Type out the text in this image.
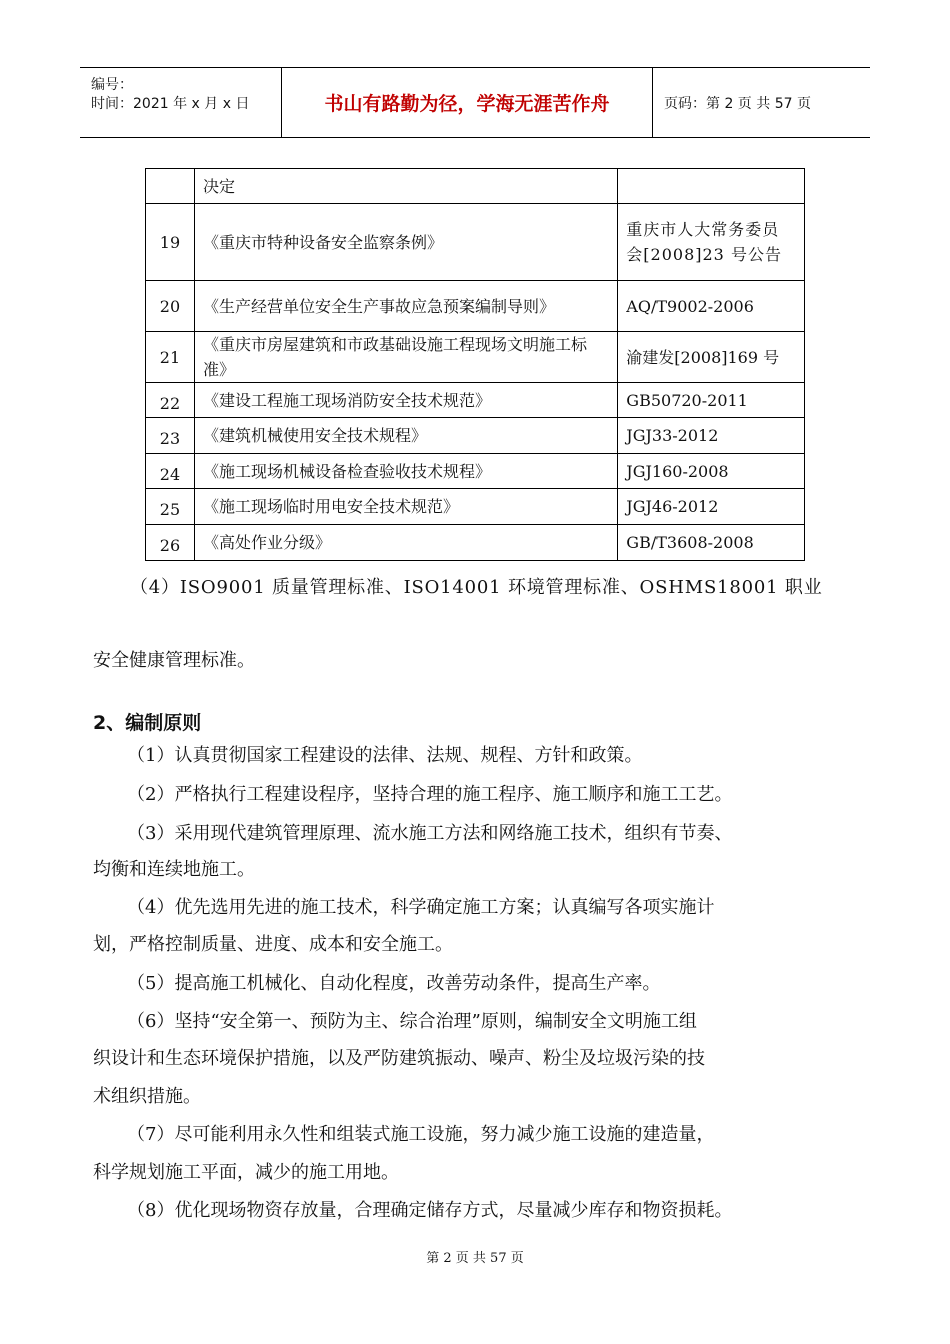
编号：
时间：2021 年 x 月 x 日	书山有路勤为径，学海无涯苦作舟	页码：第 2 页 共 57 页
	决定	
19	《重庆市特种设备安全监察条例》	重庆市人大常务委员会[2008]23 号公告
20	《生产经营单位安全生产事故应急预案编制导则》	AQ/T9002-2006
21	《重庆市房屋建筑和市政基础设施工程现场文明施工标准》	渝建发[2008]169 号
22	《建设工程施工现场消防安全技术规范》	GB50720-2011
23	《建筑机械使用安全技术规程》	JGJ33-2012
24	《施工现场机械设备检查验收技术规程》	JGJ160-2008
25	《施工现场临时用电安全技术规范》	JGJ46-2012
26	《高处作业分级》	GB/T3608-2008
（4）ISO9001 质量管理标准、ISO14001 环境管理标准、OSHMS18001 职业
安全健康管理标准。
2、编制原则
（1）认真贯彻国家工程建设的法律、法规、规程、方针和政策。
（2）严格执行工程建设程序，坚持合理的施工程序、施工顺序和施工工艺。
（3）采用现代建筑管理原理、流水施工方法和网络施工技术，组织有节奏、
均衡和连续地施工。
（4）优先选用先进的施工技术，科学确定施工方案；认真编写各项实施计
划，严格控制质量、进度、成本和安全施工。
（5）提高施工机械化、自动化程度，改善劳动条件，提高生产率。
（6）坚持“安全第一、预防为主、综合治理”原则，编制安全文明施工组
织设计和生态环境保护措施，以及严防建筑振动、噪声、粉尘及垃圾污染的技
术组织措施。
（7）尽可能利用永久性和组装式施工设施，努力减少施工设施的建造量，
科学规划施工平面，减少的施工用地。
（8）优化现场物资存放量，合理确定储存方式，尽量减少库存和物资损耗。
第 2 页 共 57 页
